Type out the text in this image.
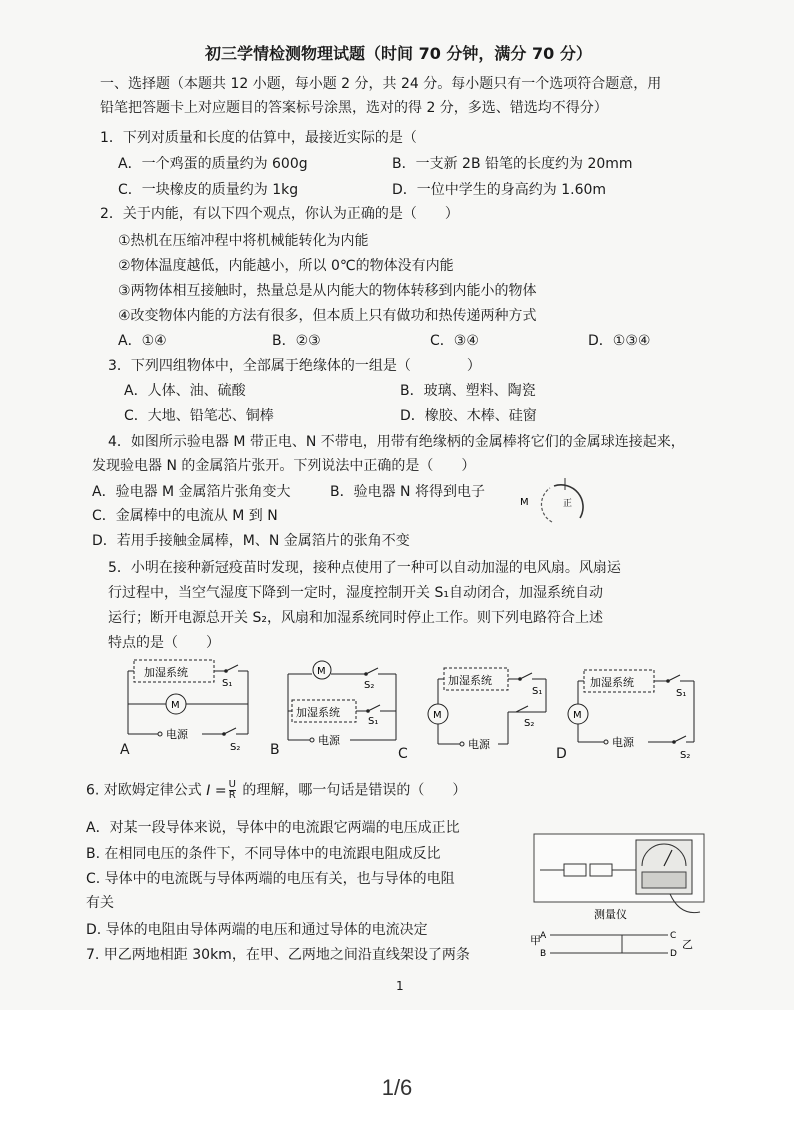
初三学情检测物理试题（时间 70 分钟，满分 70 分）
一、选择题（本题共 12 小题，每小题 2 分，共 24 分。每小题只有一个选项符合题意，用
铅笔把答题卡上对应题目的答案标号涂黑，选对的得 2 分，多选、错选均不得分）
1．下列对质量和长度的估算中，最接近实际的是（
A．一个鸡蛋的质量约为 600g	B．一支新 2B 铅笔的长度约为 20mm
C．一块橡皮的质量约为 1kg	D．一位中学生的身高约为 1.60m
2．关于内能，有以下四个观点，你认为正确的是（　　）
①热机在压缩冲程中将机械能转化为内能
②物体温度越低，内能越小，所以 0℃的物体没有内能
③两物体相互接触时，热量总是从内能大的物体转移到内能小的物体
④改变物体内能的方法有很多，但本质上只有做功和热传递两种方式
A．①④	B．②③	C．③④	D．①③④
3．下列四组物体中，全部属于绝缘体的一组是（　　　　）
A．人体、油、硫酸	B．玻璃、塑料、陶瓷
C．大地、铅笔芯、铜棒	D．橡胶、木棒、硅窗
4．如图所示验电器 M 带正电、N 不带电，用带有绝缘柄的金属棒将它们的金属球连接起来，
发现验电器 N 的金属箔片张开。下列说法中正确的是（　　）
A．验电器 M 金属箔片张角变大	B．验电器 N 将得到电子
C．金属棒中的电流从 M 到 N
D．若用手接触金属棒，M、N 金属箔片的张角不变
M	正
5．小明在接种新冠疫苗时发现，接种点使用了一种可以自动加湿的电风扇。风扇运
行过程中，当空气湿度下降到一定时，湿度控制开关 S₁自动闭合，加湿系统自动
运行；断开电源总开关 S₂，风扇和加湿系统同时停止工作。则下列电路符合上述
特点的是（　　）
加湿系统
S₁
M
电源
S₂
A
M
S₂
加湿系统
S₁
电源
B
加湿系统
S₁
M
S₂
电源
C
加湿系统
S₁
M
电源
S₂
D
6. 对欧姆定律公式 $I = \frac{U}{R}$ 的理解，哪一句话是错误的（　　）
A．对某一段导体来说，导体中的电流跟它两端的电压成正比
B. 在相同电压的条件下，不同导体中的电流跟电阻成反比
C. 导体中的电流既与导体两端的电压有关，也与导体的电阻
有关
D. 导体的电阻由导体两端的电压和通过导体的电流决定
测量仪
甲 A
B
C
D
乙
7. 甲乙两地相距 30km，在甲、乙两地之间沿直线架设了两条
1
1/6
